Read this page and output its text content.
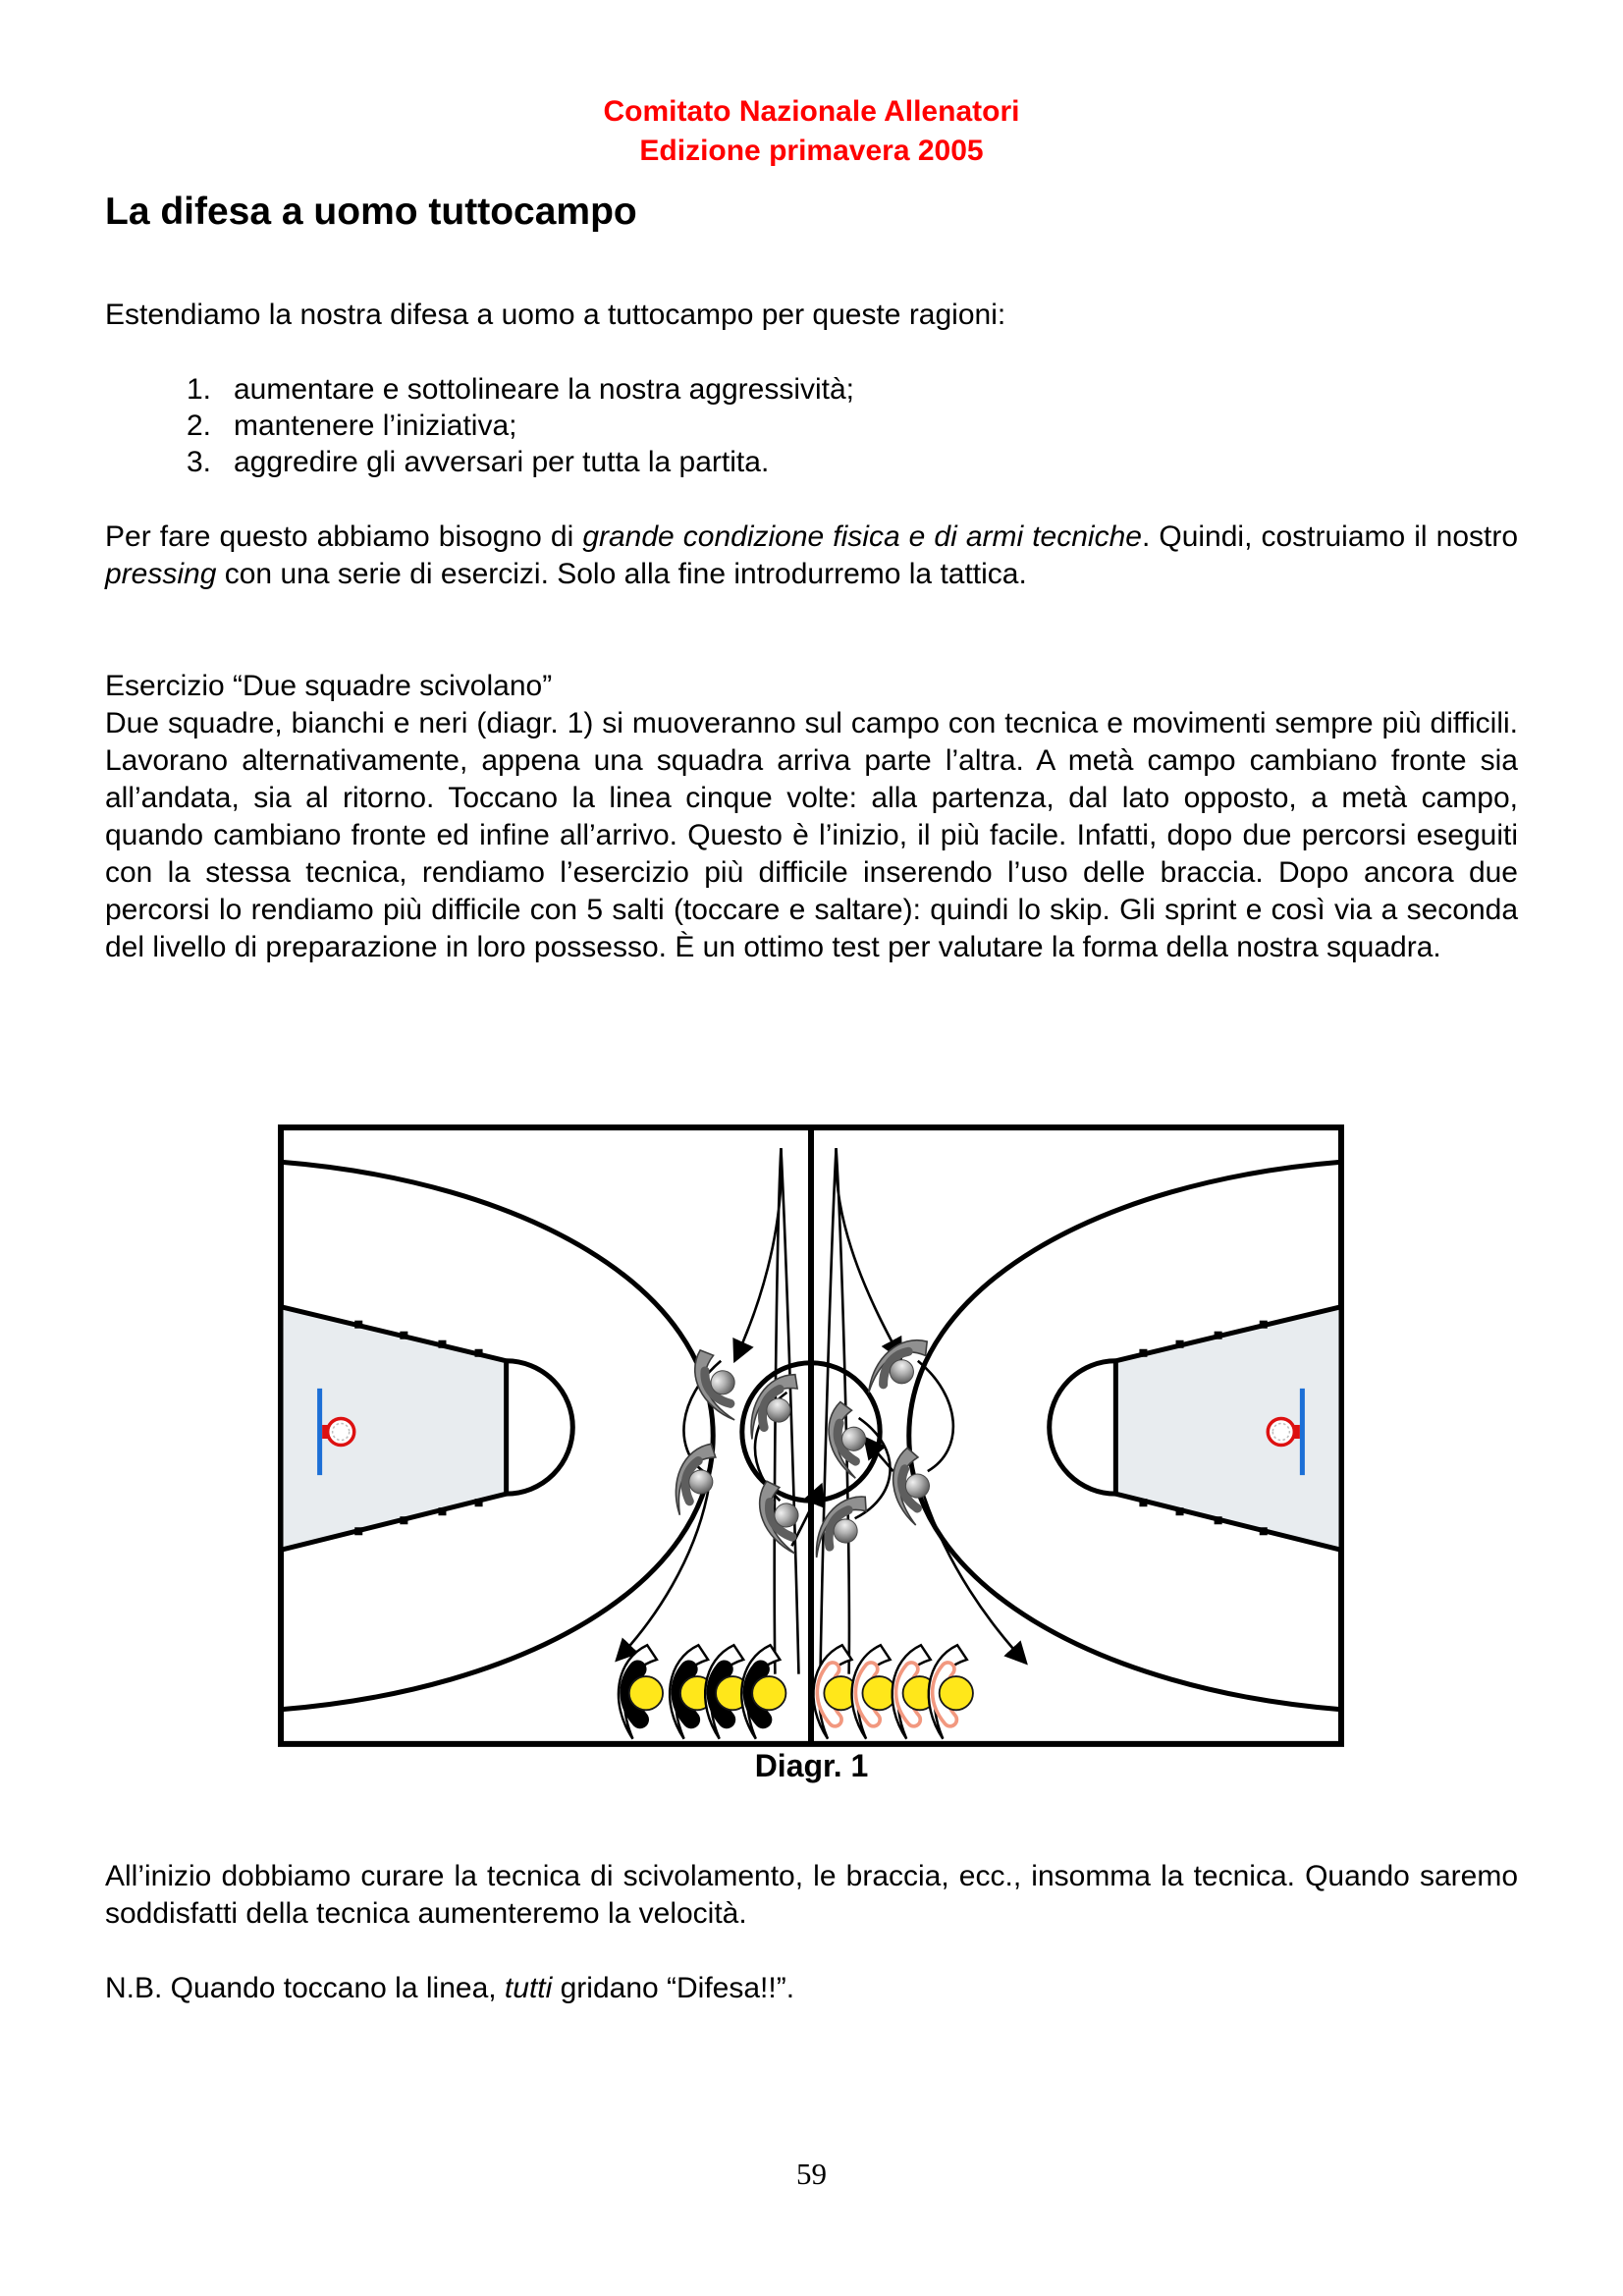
Comitato Nazionale Allenatori
Edizione primavera 2005
La difesa a uomo tuttocampo
Estendiamo la nostra difesa a uomo a tuttocampo per queste ragioni:
1. aumentare e sottolineare la nostra aggressività;
2. mantenere l’iniziativa;
3. aggredire gli avversari per tutta la partita.
Per fare questo abbiamo bisogno di grande condizione fisica e di armi tecniche. Quindi, costruiamo il nostro pressing con una serie di esercizi. Solo alla fine introdurremo la tattica.
Esercizio “Due squadre scivolano”
Due squadre, bianchi e neri (diagr. 1) si muoveranno sul campo con tecnica e movimenti sempre più difficili. Lavorano alternativamente, appena una squadra arriva parte l’altra. A metà campo cambiano fronte sia all’andata, sia al ritorno. Toccano la linea cinque volte: alla partenza, dal lato opposto, a metà campo, quando cambiano fronte ed infine all’arrivo. Questo è l’inizio, il più facile. Infatti, dopo due percorsi eseguiti con la stessa tecnica, rendiamo l’esercizio più difficile inserendo l’uso delle braccia. Dopo ancora due percorsi lo rendiamo più difficile con 5 salti (toccare e saltare): quindi lo skip. Gli sprint e così via a seconda del livello di preparazione in loro possesso. È un ottimo test per valutare la forma della nostra squadra.
Diagr. 1
All’inizio dobbiamo curare la tecnica di scivolamento, le braccia, ecc., insomma la tecnica. Quando saremo soddisfatti della tecnica aumenteremo la velocità.
N.B. Quando toccano la linea, tutti gridano “Difesa!!”.
59
